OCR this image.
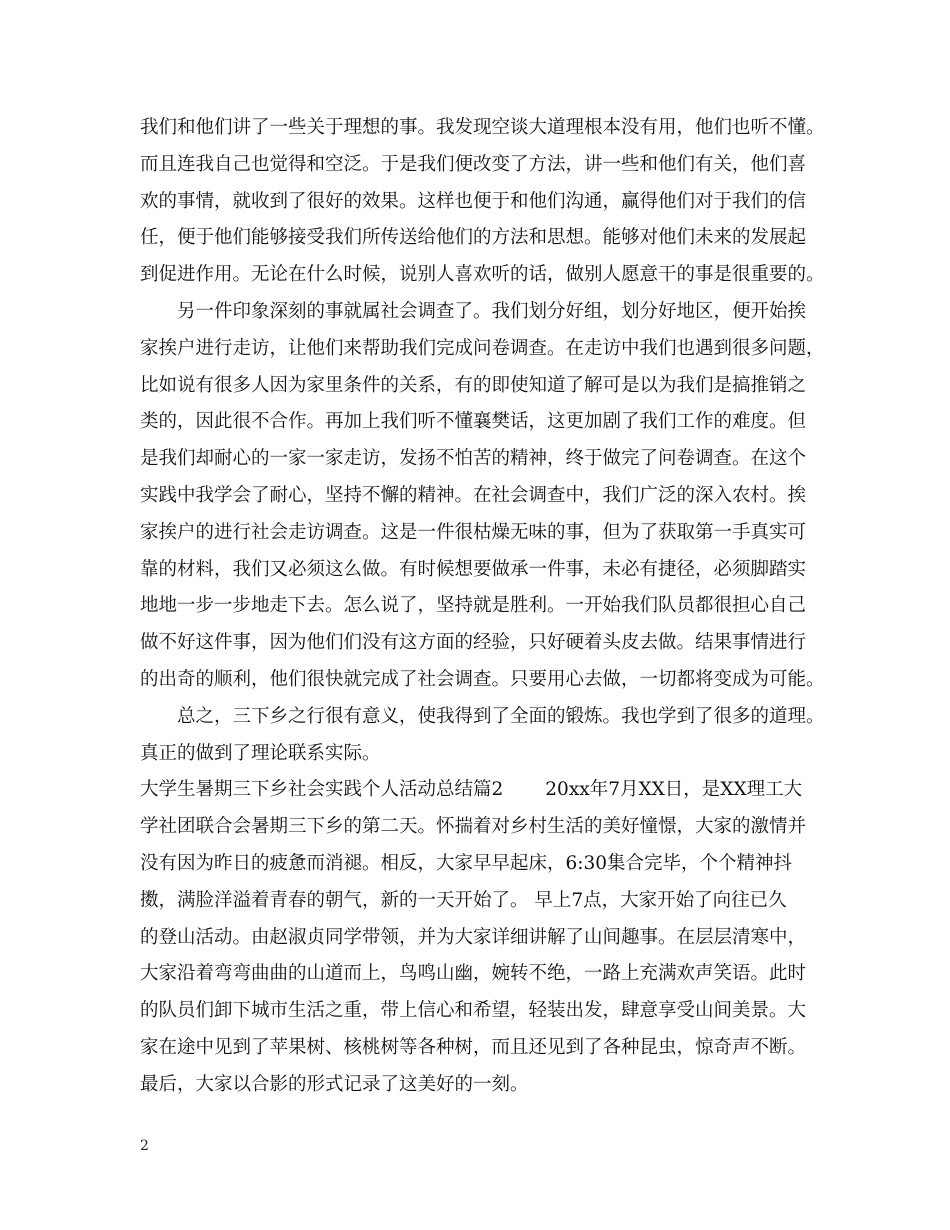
我们和他们讲了一些关于理想的事。我发现空谈大道理根本没有用，他们也听不懂。
而且连我自己也觉得和空泛。于是我们便改变了方法，讲一些和他们有关，他们喜
欢的事情，就收到了很好的效果。这样也便于和他们沟通，赢得他们对于我们的信
任，便于他们能够接受我们所传送给他们的方法和思想。能够对他们未来的发展起
到促进作用。无论在什么时候，说别人喜欢听的话，做别人愿意干的事是很重要的。
另一件印象深刻的事就属社会调查了。我们划分好组，划分好地区，便开始挨
家挨户进行走访，让他们来帮助我们完成问卷调查。在走访中我们也遇到很多问题，
比如说有很多人因为家里条件的关系，有的即使知道了解可是以为我们是搞推销之
类的，因此很不合作。再加上我们听不懂襄樊话，这更加剧了我们工作的难度。但
是我们却耐心的一家一家走访，发扬不怕苦的精神，终于做完了问卷调查。在这个
实践中我学会了耐心，坚持不懈的精神。在社会调查中，我们广泛的深入农村。挨
家挨户的进行社会走访调查。这是一件很枯燥无味的事，但为了获取第一手真实可
靠的材料，我们又必须这么做。有时候想要做承一件事，未必有捷径，必须脚踏实
地地一步一步地走下去。怎么说了，坚持就是胜利。一开始我们队员都很担心自己
做不好这件事，因为他们们没有这方面的经验，只好硬着头皮去做。结果事情进行
的出奇的顺利，他们很快就完成了社会调查。只要用心去做，一切都将变成为可能。
总之，三下乡之行很有意义，使我得到了全面的锻炼。我也学到了很多的道理。
真正的做到了理论联系实际。
大学生暑期三下乡社会实践个人活动总结篇2 20xx年7月XX日，是XX理工大
学社团联合会暑期三下乡的第二天。怀揣着对乡村生活的美好憧憬，大家的激情并
没有因为昨日的疲惫而消褪。相反，大家早早起床，6:30集合完毕，个个精神抖
擞，满脸洋溢着青春的朝气，新的一天开始了。 早上7点，大家开始了向往已久
的登山活动。由赵淑贞同学带领，并为大家详细讲解了山间趣事。在层层清寒中，
大家沿着弯弯曲曲的山道而上，鸟鸣山幽，婉转不绝，一路上充满欢声笑语。此时
的队员们卸下城市生活之重，带上信心和希望，轻装出发，肆意享受山间美景。大
家在途中见到了苹果树、核桃树等各种树，而且还见到了各种昆虫，惊奇声不断。
最后，大家以合影的形式记录了这美好的一刻。
2
